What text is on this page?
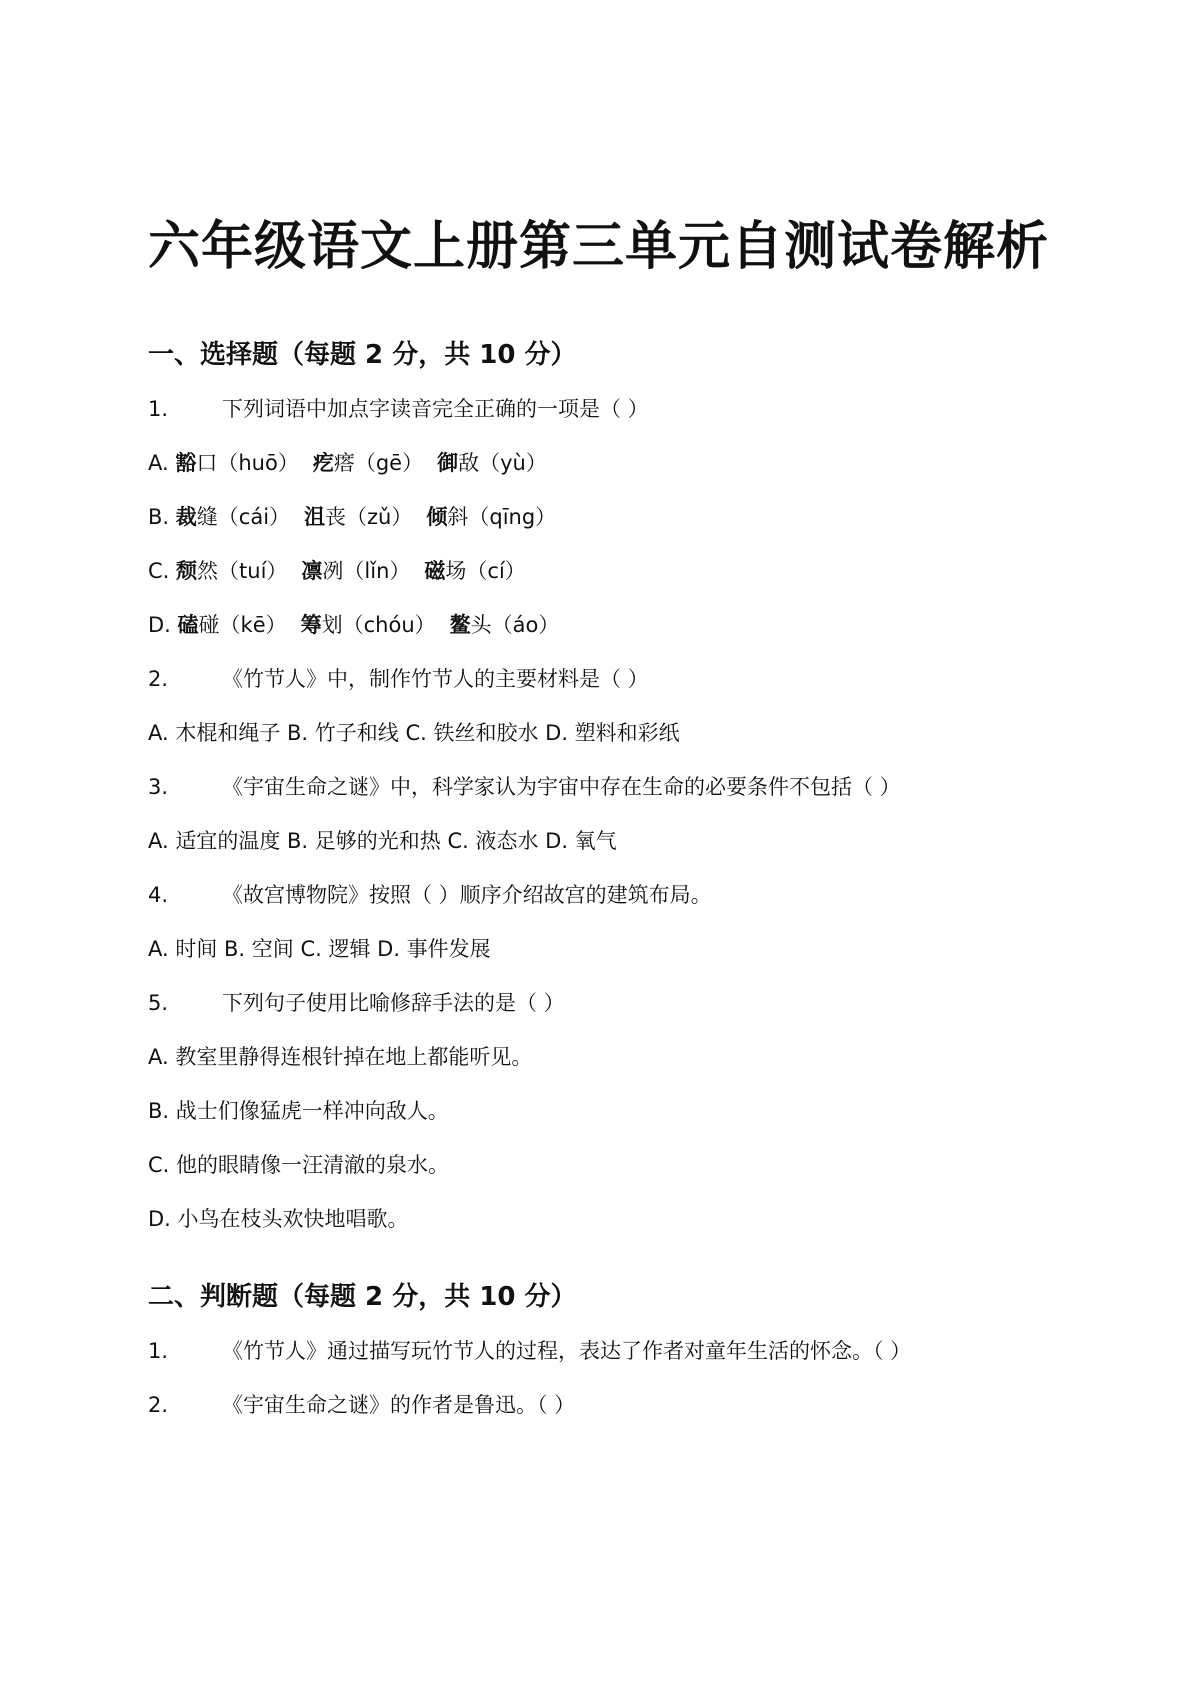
六年级语文上册第三单元自测试卷解析
一、选择题（每题 2 分，共 10 分）
1.	下列词语中加点字读音完全正确的一项是（ ）
A. 豁口（huō） 疙瘩（gē） 御敌（yù）
B. 裁缝（cái） 沮丧（zǔ） 倾斜（qīng）
C. 颓然（tuí） 凛冽（lǐn） 磁场（cí）
D. 磕碰（kē） 筹划（chóu） 鳌头（áo）
2.	《竹节人》中，制作竹节人的主要材料是（ ）
A. 木棍和绳子 B. 竹子和线 C. 铁丝和胶水 D. 塑料和彩纸
3.	《宇宙生命之谜》中，科学家认为宇宙中存在生命的必要条件不包括（ ）
A. 适宜的温度 B. 足够的光和热 C. 液态水 D. 氧气
4.	《故宫博物院》按照（ ）顺序介绍故宫的建筑布局。
A. 时间 B. 空间 C. 逻辑 D. 事件发展
5.	下列句子使用比喻修辞手法的是（ ）
A. 教室里静得连根针掉在地上都能听见。
B. 战士们像猛虎一样冲向敌人。
C. 他的眼睛像一汪清澈的泉水。
D. 小鸟在枝头欢快地唱歌。
二、判断题（每题 2 分，共 10 分）
1.	《竹节人》通过描写玩竹节人的过程，表达了作者对童年生活的怀念。（ ）
2.	《宇宙生命之谜》的作者是鲁迅。（ ）
